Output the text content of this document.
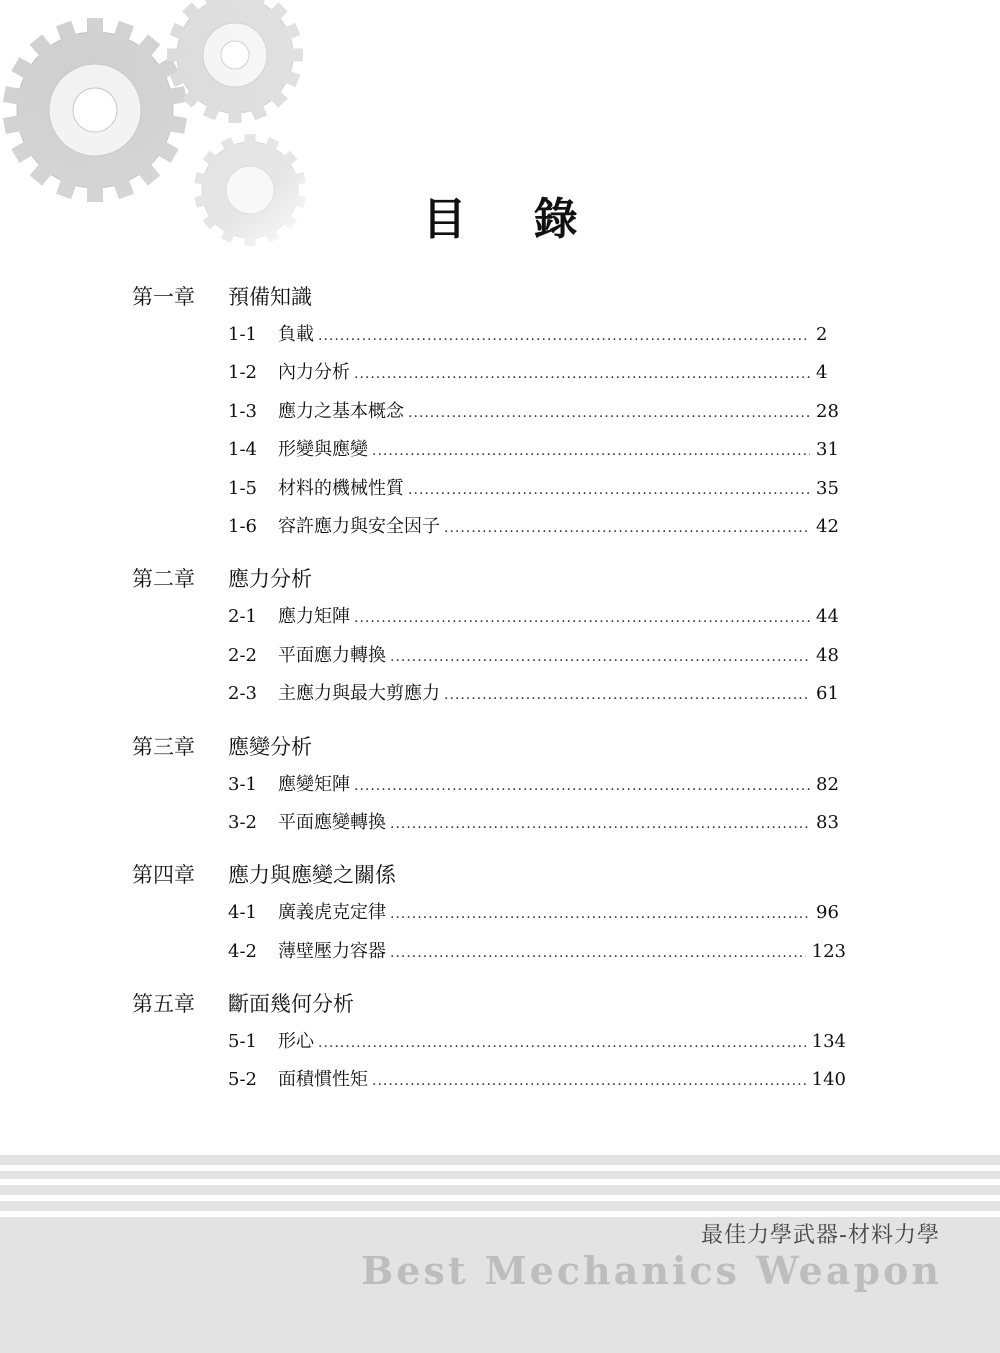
目 錄
第一章	預備知識
1-1	負載 .....	2
1-2	內力分析 .....	4
1-3	應力之基本概念 .....	28
1-4	形變與應變 .....	31
1-5	材料的機械性質 .....	35
1-6	容許應力與安全因子 .....	42
第二章	應力分析
2-1	應力矩陣 .....	44
2-2	平面應力轉換 .....	48
2-3	主應力與最大剪應力 .....	61
第三章	應變分析
3-1	應變矩陣 .....	82
3-2	平面應變轉換 .....	83
第四章	應力與應變之關係
4-1	廣義虎克定律 .....	96
4-2	薄壁壓力容器 .....	123
第五章	斷面幾何分析
5-1	形心 .....	134
5-2	面積慣性矩 .....	140
最佳力學武器-材料力學
Best Mechanics Weapon
